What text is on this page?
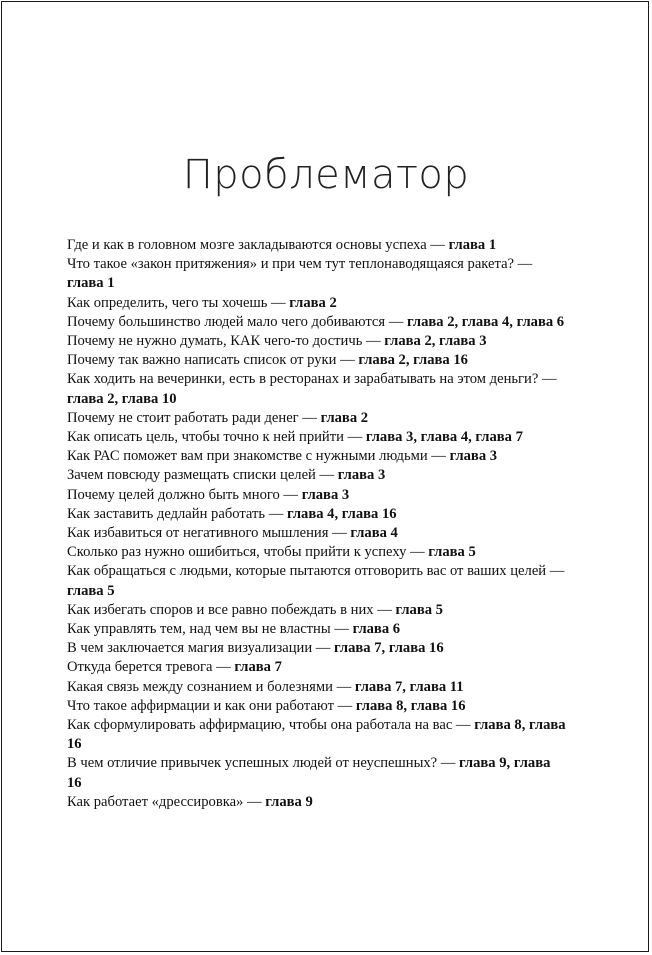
Проблематор
Где и как в головном мозге закладываются основы успеха — глава 1
Что такое «закон притяжения» и при чем тут теплонаводящаяся ракета? — глава 1
Как определить, чего ты хочешь — глава 2
Почему большинство людей мало чего добиваются — глава 2, глава 4, глава 6
Почему не нужно думать, КАК чего-то достичь — глава 2, глава 3
Почему так важно написать список от руки — глава 2, глава 16
Как ходить на вечеринки, есть в ресторанах и зарабатывать на этом деньги? — глава 2, глава 10
Почему не стоит работать ради денег — глава 2
Как описать цель, чтобы точно к ней прийти — глава 3, глава 4, глава 7
Как РАС поможет вам при знакомстве с нужными людьми — глава 3
Зачем повсюду размещать списки целей — глава 3
Почему целей должно быть много — глава 3
Как заставить дедлайн работать — глава 4, глава 16
Как избавиться от негативного мышления — глава 4
Сколько раз нужно ошибиться, чтобы прийти к успеху — глава 5
Как обращаться с людьми, которые пытаются отговорить вас от ваших целей — глава 5
Как избегать споров и все равно побеждать в них — глава 5
Как управлять тем, над чем вы не властны — глава 6
В чем заключается магия визуализации — глава 7, глава 16
Откуда берется тревога — глава 7
Какая связь между сознанием и болезнями — глава 7, глава 11
Что такое аффирмации и как они работают — глава 8, глава 16
Как сформулировать аффирмацию, чтобы она работала на вас — глава 8, глава 16
В чем отличие привычек успешных людей от неуспешных? — глава 9, глава 16
Как работает «дрессировка» — глава 9
